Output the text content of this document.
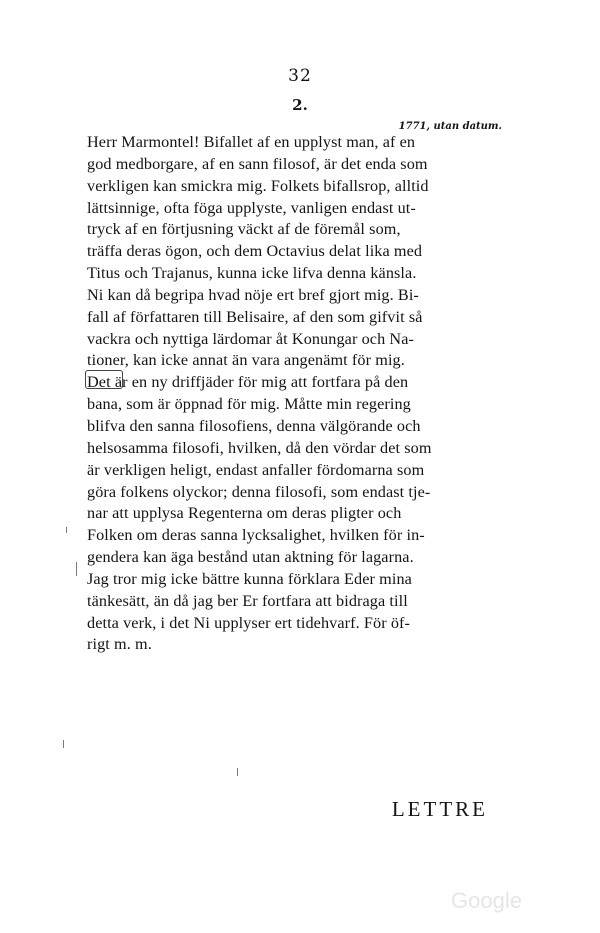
32
2.
1771, utan datum.
Herr Marmontel! Bifallet af en upplyst man, af en
god medborgare, af en sann filosof, är det enda som
verkligen kan smickra mig. Folkets bifallsrop, alltid
lättsinnige, ofta föga upplyste, vanligen endast ut-
tryck af en förtjusning väckt af de föremål som,
träffa deras ögon, och dem Octavius delat lika med
Titus och Trajanus, kunna icke lifva denna känsla.
Ni kan då begripa hvad nöje ert bref gjort mig. Bi-
fall af författaren till Belisaire, af den som gifvit så
vackra och nyttiga lärdomar åt Konungar och Na-
tioner, kan icke annat än vara angenämt för mig.
Det är en ny driffjäder för mig att fortfara på den
bana, som är öppnad för mig. Måtte min regering
blifva den sanna filosofiens, denna välgörande och
helsosamma filosofi, hvilken, då den vördar det som
är verkligen heligt, endast anfaller fördomarna som
göra folkens olyckor; denna filosofi, som endast tje-
nar att upplysa Regenterna om deras pligter och
Folken om deras sanna lycksalighet, hvilken för in-
gendera kan äga bestånd utan aktning för lagarna.
Jag tror mig icke bättre kunna förklara Eder mina
tänkesätt, än då jag ber Er fortfara att bidraga till
detta verk, i det Ni upplyser ert tidehvarf. För öf-
rigt m. m.
LETTRE
Google
